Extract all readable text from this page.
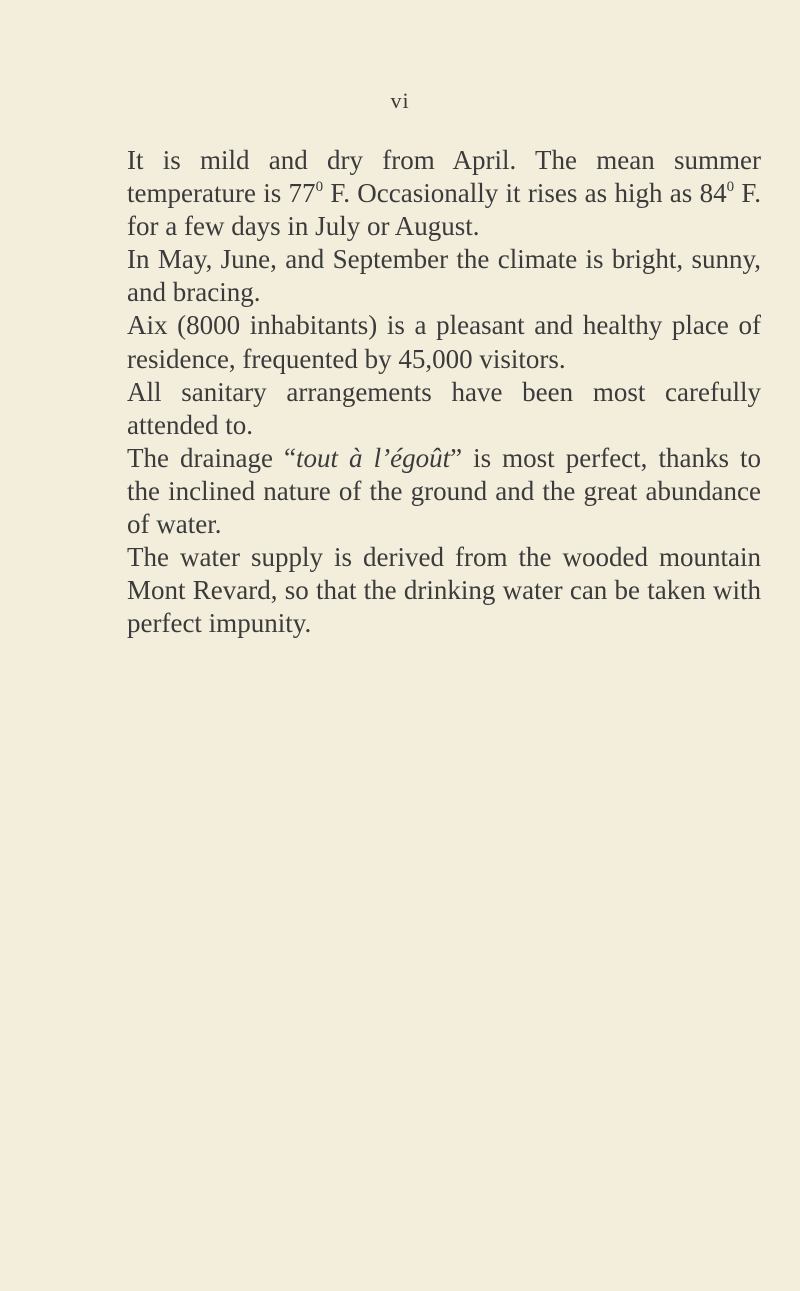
vi

It is mild and dry from April. The mean summer temperature is $77^0$ F. Occasionally it rises as high as $84^0$ F. for a few days in July or August.

In May, June, and September the climate is bright, sunny, and bracing.

Aix (8000 inhabitants) is a pleasant and healthy place of residence, frequented by 45,000 visitors.

All sanitary arrangements have been most carefully attended to.

The drainage “tout à l’égoût” is most perfect, thanks to the inclined nature of the ground and the great abundance of water.

The water supply is derived from the wooded mountain Mont Revard, so that the drinking water can be taken with perfect impunity.
